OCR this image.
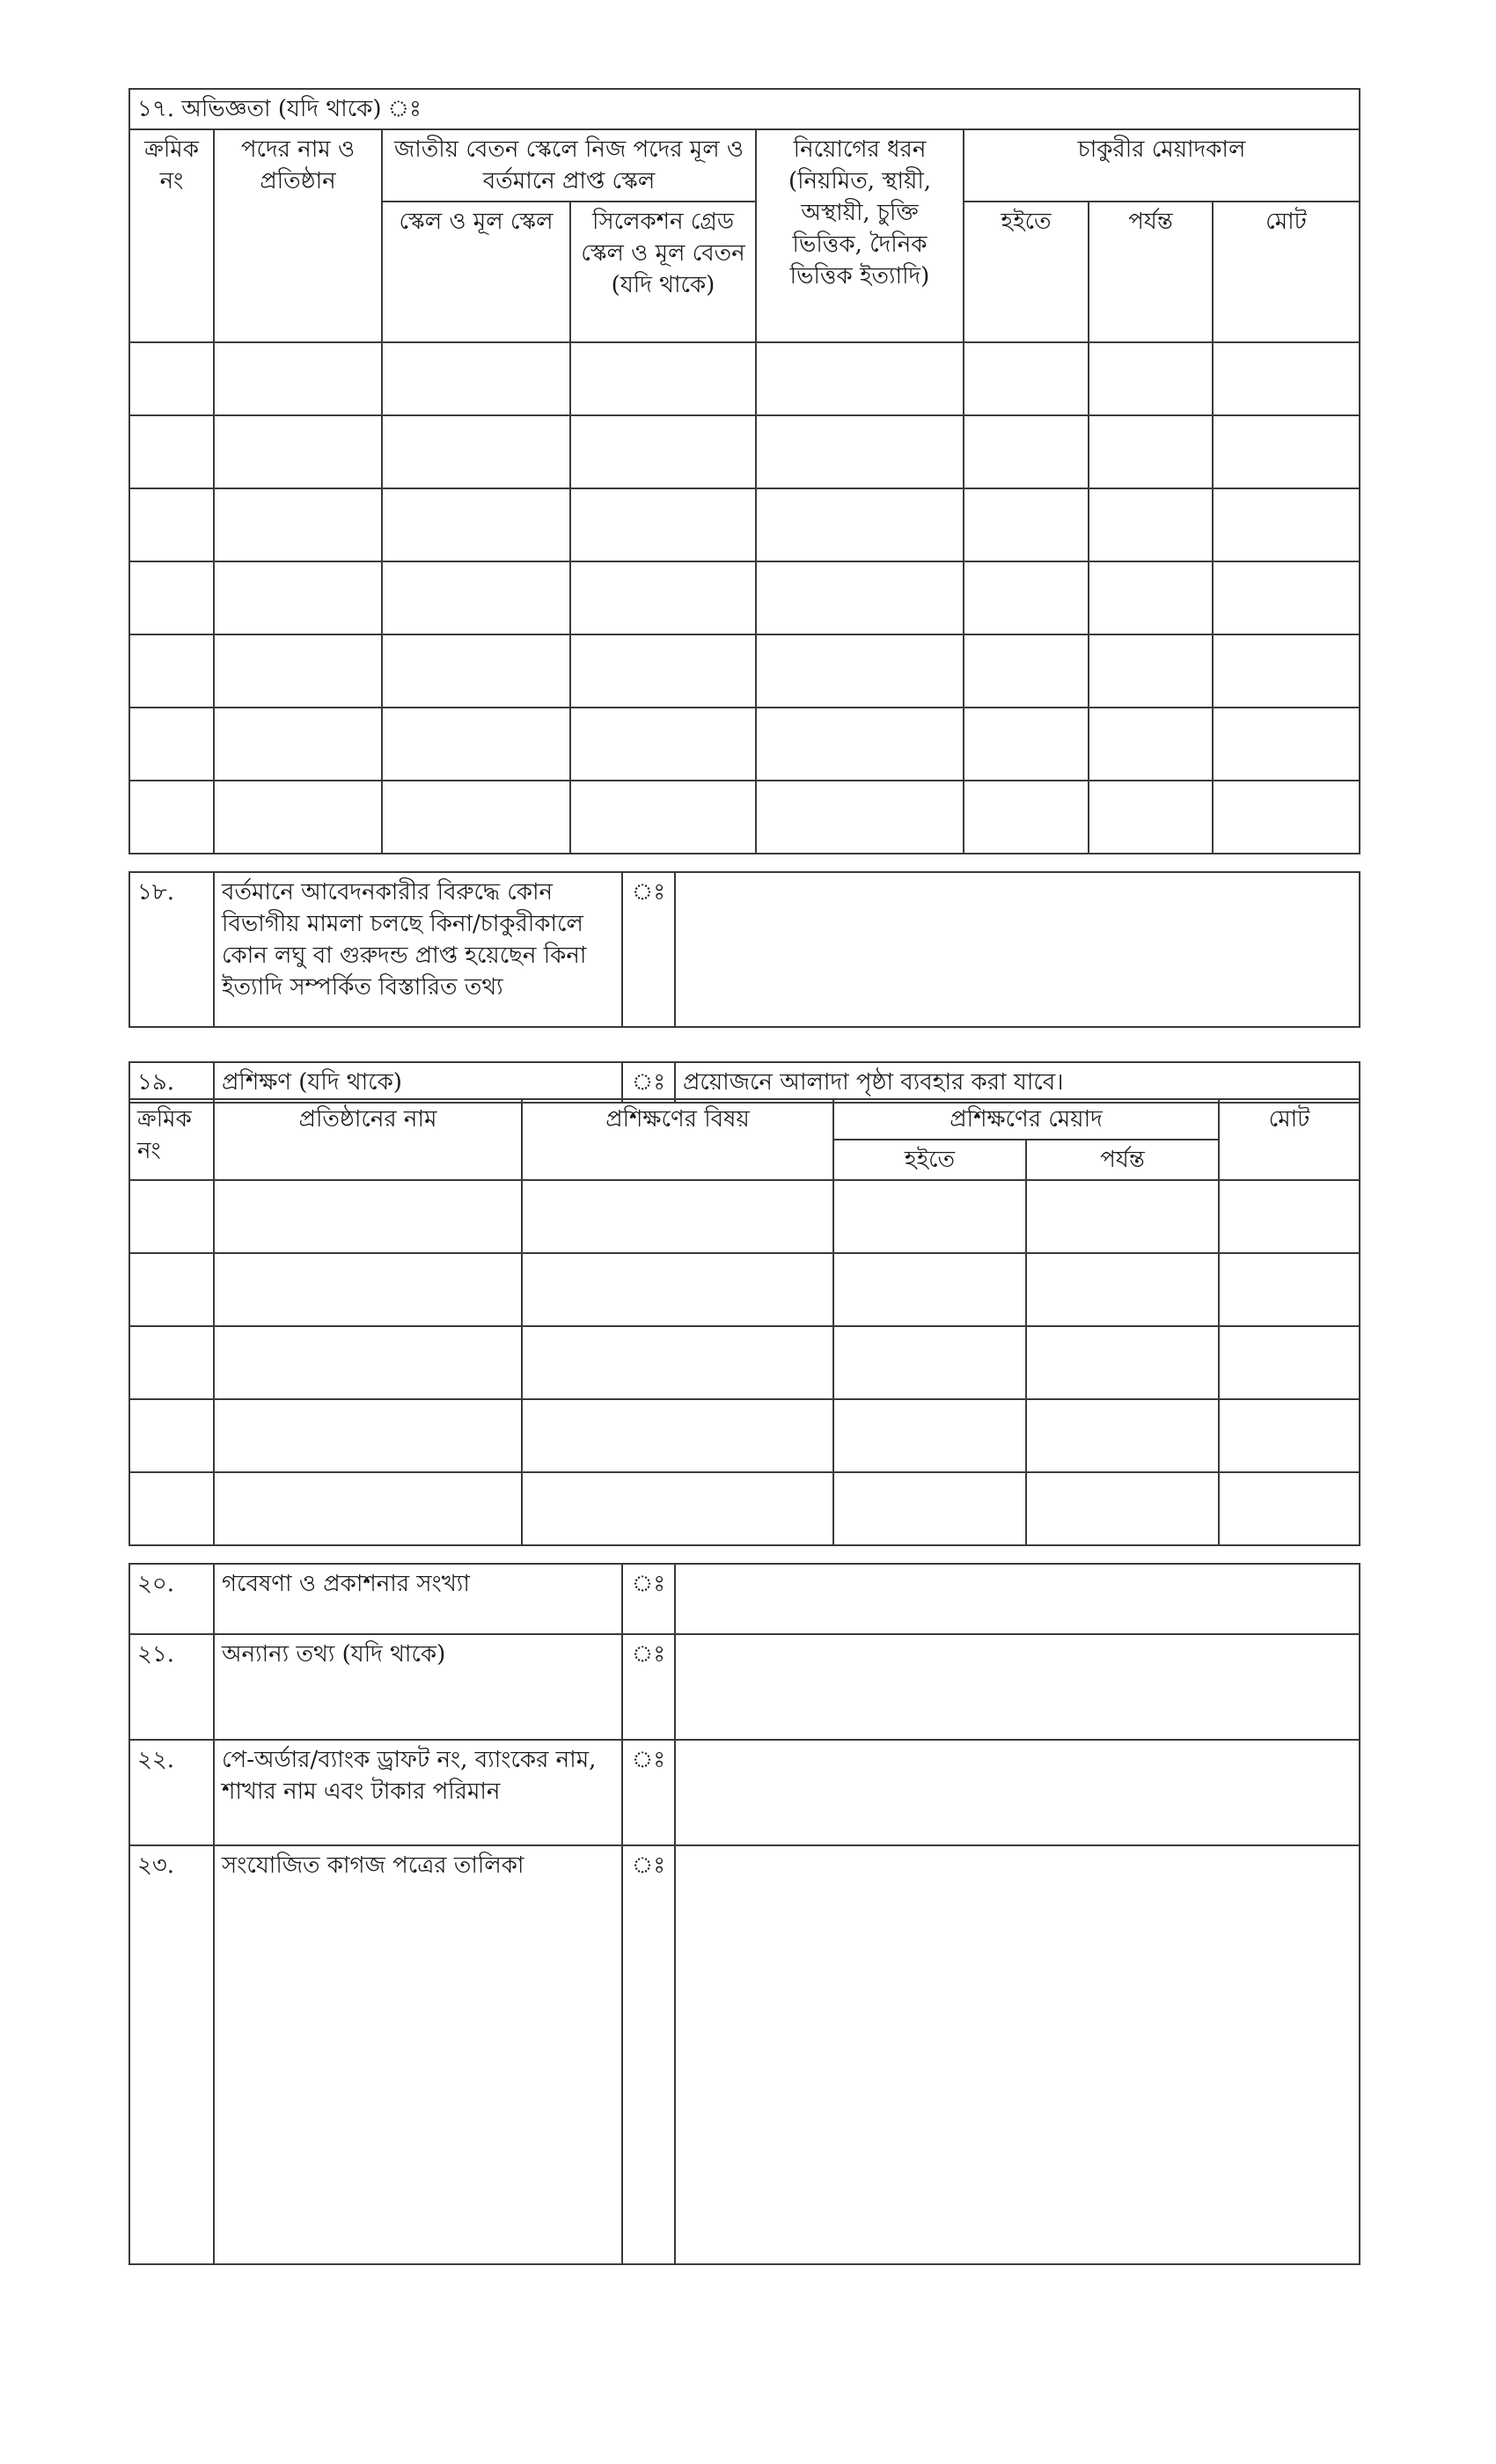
১৭. অভিজ্ঞতা (যদি থাকে) ঃ							
ক্রমিক নং	পদের নাম ও প্রতিষ্ঠান	জাতীয় বেতন স্কেলে নিজ পদের মূল ও বর্তমানে প্রাপ্ত স্কেল		নিয়োগের ধরন (নিয়মিত, স্থায়ী, অস্থায়ী, চুক্তি ভিত্তিক, দৈনিক ভিত্তিক ইত্যাদি)	চাকুরীর মেয়াদকাল		
		স্কেল ও মূল স্কেল	সিলেকশন গ্রেড স্কেল ও মূল বেতন (যদি থাকে)		হইতে	পর্যন্ত	মোট

১৮.	বর্তমানে আবেদনকারীর বিরুদ্ধে কোন বিভাগীয় মামলা চলছে কিনা/চাকুরীকালে কোন লঘু বা গুরুদন্ড প্রাপ্ত হয়েছেন কিনা ইত্যাদি সম্পর্কিত বিস্তারিত তথ্য	ঃ	
১৯.	প্রশিক্ষণ (যদি থাকে)	ঃ	প্রয়োজনে আলাদা পৃষ্ঠা ব্যবহার করা যাবে।
ক্রমিক নং	প্রতিষ্ঠানের নাম	প্রশিক্ষণের বিষয়	প্রশিক্ষণের মেয়াদ		মোট
			হইতে	পর্যন্ত	

২০.	গবেষণা ও প্রকাশনার সংখ্যা	ঃ	
২১.	অন্যান্য তথ্য (যদি থাকে)	ঃ	
২২.	পে-অর্ডার/ব্যাংক ড্রাফট নং, ব্যাংকের নাম, শাখার নাম এবং টাকার পরিমান	ঃ	
২৩.	সংযোজিত কাগজ পত্রের তালিকা	ঃ	
